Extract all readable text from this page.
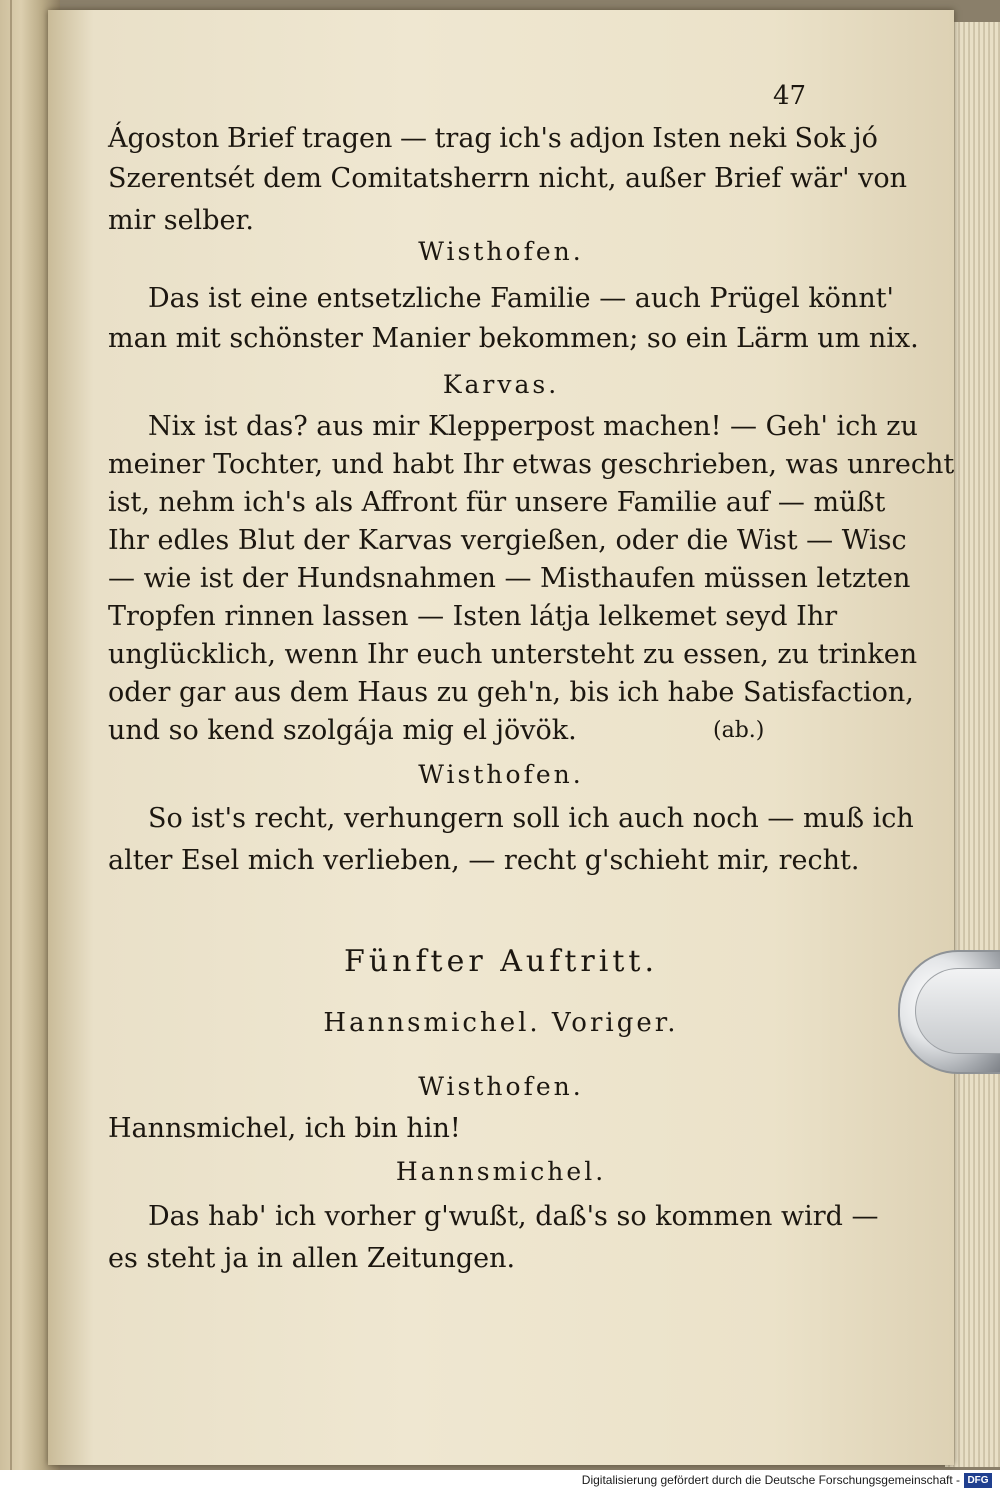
47
Ágoston Brief tragen — trag ich's adjon Isten neki Sok jó
Szerentsét dem Comitatsherrn nicht, außer Brief wär' von
mir selber.
Wisthofen.
Das ist eine entsetzliche Familie — auch Prügel könnt'
man mit schönster Manier bekommen; so ein Lärm um nix.
Karvas.
Nix ist das? aus mir Klepperpost machen! — Geh' ich zu
meiner Tochter, und habt Ihr etwas geschrieben, was unrecht
ist, nehm ich's als Affront für unsere Familie auf — müßt
Ihr edles Blut der Karvas vergießen, oder die Wist — Wisc
— wie ist der Hundsnahmen — Misthaufen müssen letzten
Tropfen rinnen lassen — Isten látja lelkemet seyd Ihr
unglücklich, wenn Ihr euch untersteht zu essen, zu trinken
oder gar aus dem Haus zu geh'n, bis ich habe Satisfaction,
und so kend szolgája mig el jövök.	(ab.)
Wisthofen.
So ist's recht, verhungern soll ich auch noch — muß ich
alter Esel mich verlieben, — recht g'schieht mir, recht.
Fünfter Auftritt.
Hannsmichel. Voriger.
Wisthofen.
Hannsmichel, ich bin hin!
Hannsmichel.
Das hab' ich vorher g'wußt, daß's so kommen wird —
es steht ja in allen Zeitungen.
Digitalisierung gefördert durch die Deutsche Forschungsgemeinschaft - DFG
